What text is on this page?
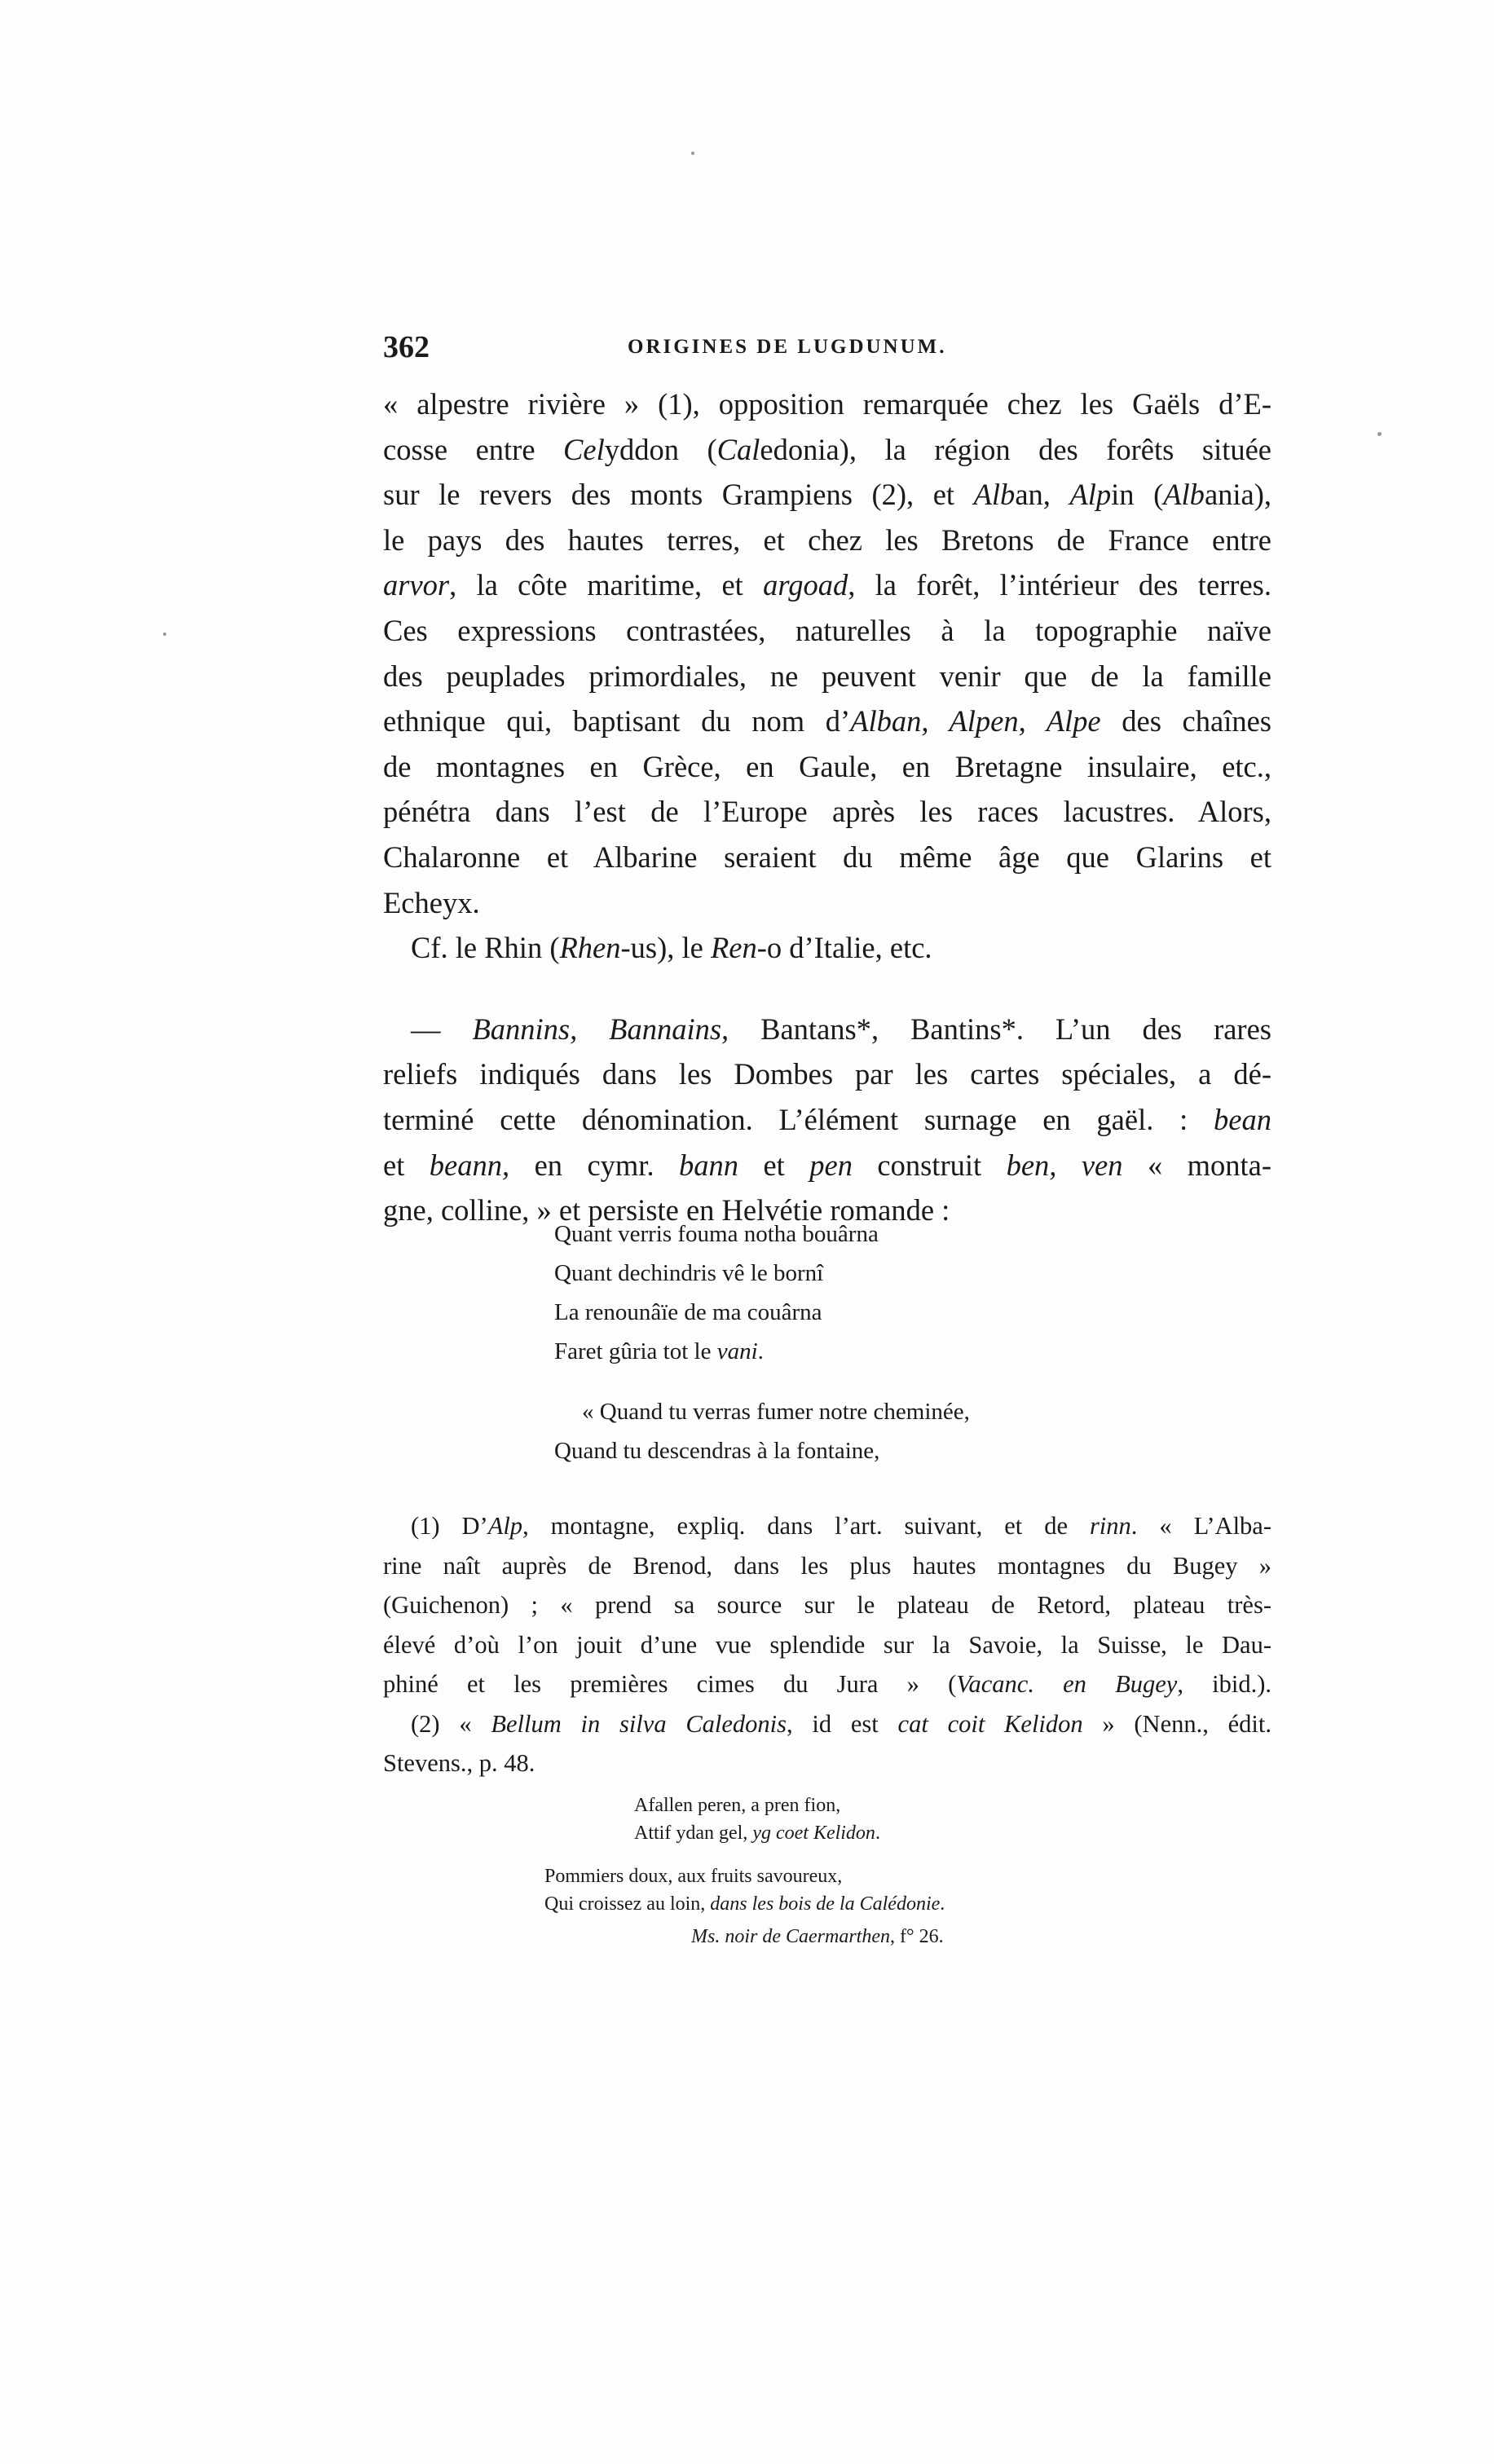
362	ORIGINES DE LUGDUNUM.
« alpestre rivière » (1), opposition remarquée chez les Gaëls d’E-
cosse entre Celyddon (Caledonia), la région des forêts située
sur le revers des monts Grampiens (2), et Alban, Alpin (Albania),
le pays des hautes terres, et chez les Bretons de France entre
arvor, la côte maritime, et argoad, la forêt, l’intérieur des terres.
Ces expressions contrastées, naturelles à la topographie naïve
des peuplades primordiales, ne peuvent venir que de la famille
ethnique qui, baptisant du nom d’Alban, Alpen, Alpe des chaînes
de montagnes en Grèce, en Gaule, en Bretagne insulaire, etc.,
pénétra dans l’est de l’Europe après les races lacustres. Alors,
Chalaronne et Albarine seraient du même âge que Glarins et
Echeyx.
Cf. le Rhin (Rhen-us), le Ren-o d’Italie, etc.
— Bannins, Bannains, Bantans*, Bantins*. L’un des rares
reliefs indiqués dans les Dombes par les cartes spéciales, a dé-
terminé cette dénomination. L’élément surnage en gaël. : bean
et beann, en cymr. bann et pen construit ben, ven « monta-
gne, colline, » et persiste en Helvétie romande :
Quant verris fouma notha bouârna
Quant dechindris vê le bornî
La renounâïe de ma couârna
Faret gûria tot le vani.
« Quand tu verras fumer notre cheminée,
Quand tu descendras à la fontaine,
(1) D’Alp, montagne, expliq. dans l’art. suivant, et de rinn. « L’Alba-
rine naît auprès de Brenod, dans les plus hautes montagnes du Bugey »
(Guichenon) ; « prend sa source sur le plateau de Retord, plateau très-
élevé d’où l’on jouit d’une vue splendide sur la Savoie, la Suisse, le Dau-
phiné et les premières cimes du Jura » (Vacanc. en Bugey, ibid.).
(2) « Bellum in silva Caledonis, id est cat coit Kelidon » (Nenn., édit.
Stevens., p. 48.
Afallen peren, a pren fion,
Attif ydan gel, yg coet Kelidon.
Pommiers doux, aux fruits savoureux,
Qui croissez au loin, dans les bois de la Calédonie.
Ms. noir de Caermarthen, f° 26.
